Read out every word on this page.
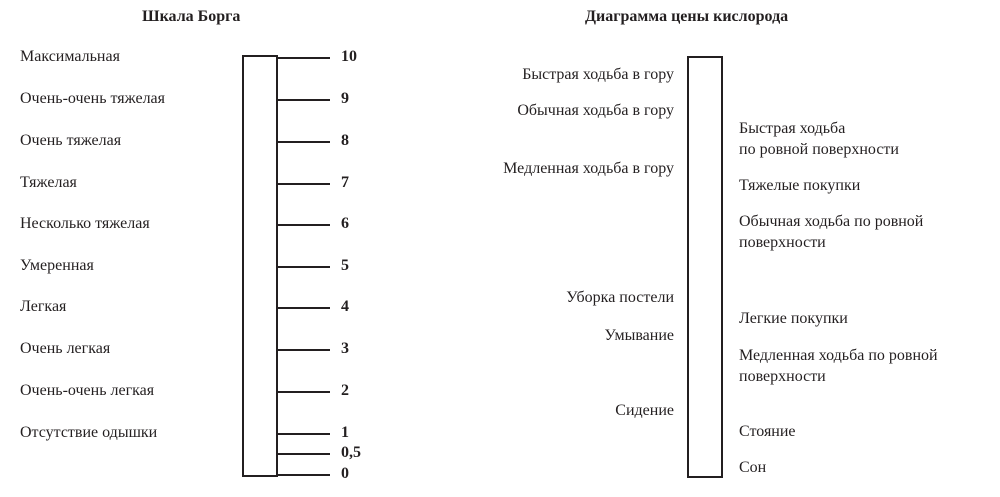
Шкала Борга
10
Максимальная
9
Очень-очень тяжелая
8
Очень тяжелая
7
Тяжелая
6
Несколько тяжелая
5
Умеренная
4
Легкая
3
Очень легкая
2
Очень-очень легкая
1
Отсутствие одышки
0,5
0
Диаграмма цены кислорода
Быстрая ходьба в гору
Обычная ходьба в гору
Медленная ходьба в гору
Уборка постели
Умывание
Сидение
Быстрая ходьба
по ровной поверхности
Тяжелые покупки
Обычная ходьба по ровной
поверхности
Легкие покупки
Медленная ходьба по ровной
поверхности
Стояние
Сон
